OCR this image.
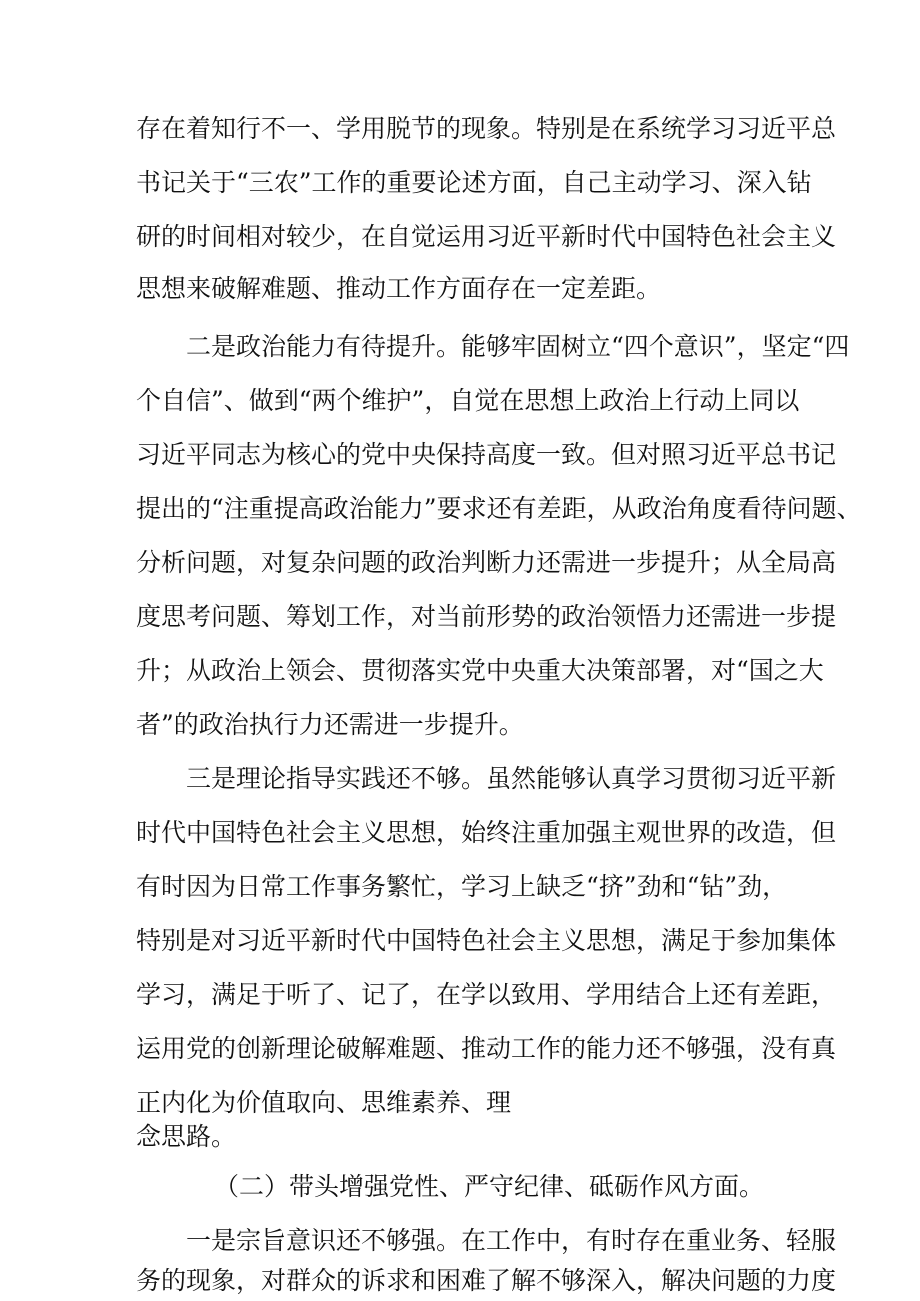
存在着知行不一、学用脱节的现象。特别是在系统学习习近平总
书记关于“三农”工作的重要论述方面，自己主动学习、深入钻
研的时间相对较少，在自觉运用习近平新时代中国特色社会主义
思想来破解难题、推动工作方面存在一定差距。
二是政治能力有待提升。能够牢固树立“四个意识”，坚定“四
个自信”、做到“两个维护”，自觉在思想上政治上行动上同以
习近平同志为核心的党中央保持高度一致。但对照习近平总书记
提出的“注重提高政治能力”要求还有差距，从政治角度看待问题、
分析问题，对复杂问题的政治判断力还需进一步提升；从全局高
度思考问题、筹划工作，对当前形势的政治领悟力还需进一步提
升；从政治上领会、贯彻落实党中央重大决策部署，对“国之大
者”的政治执行力还需进一步提升。
三是理论指导实践还不够。虽然能够认真学习贯彻习近平新
时代中国特色社会主义思想，始终注重加强主观世界的改造，但
有时因为日常工作事务繁忙，学习上缺乏“挤”劲和“钻”劲，
特别是对习近平新时代中国特色社会主义思想，满足于参加集体
学习，满足于听了、记了，在学以致用、学用结合上还有差距，
运用党的创新理论破解难题、推动工作的能力还不够强，没有真
正内化为价值取向、思维素养、理
念思路。
（二）带头增强党性、严守纪律、砥砺作风方面。
一是宗旨意识还不够强。在工作中，有时存在重业务、轻服
务的现象，对群众的诉求和困难了解不够深入，解决问题的力度
